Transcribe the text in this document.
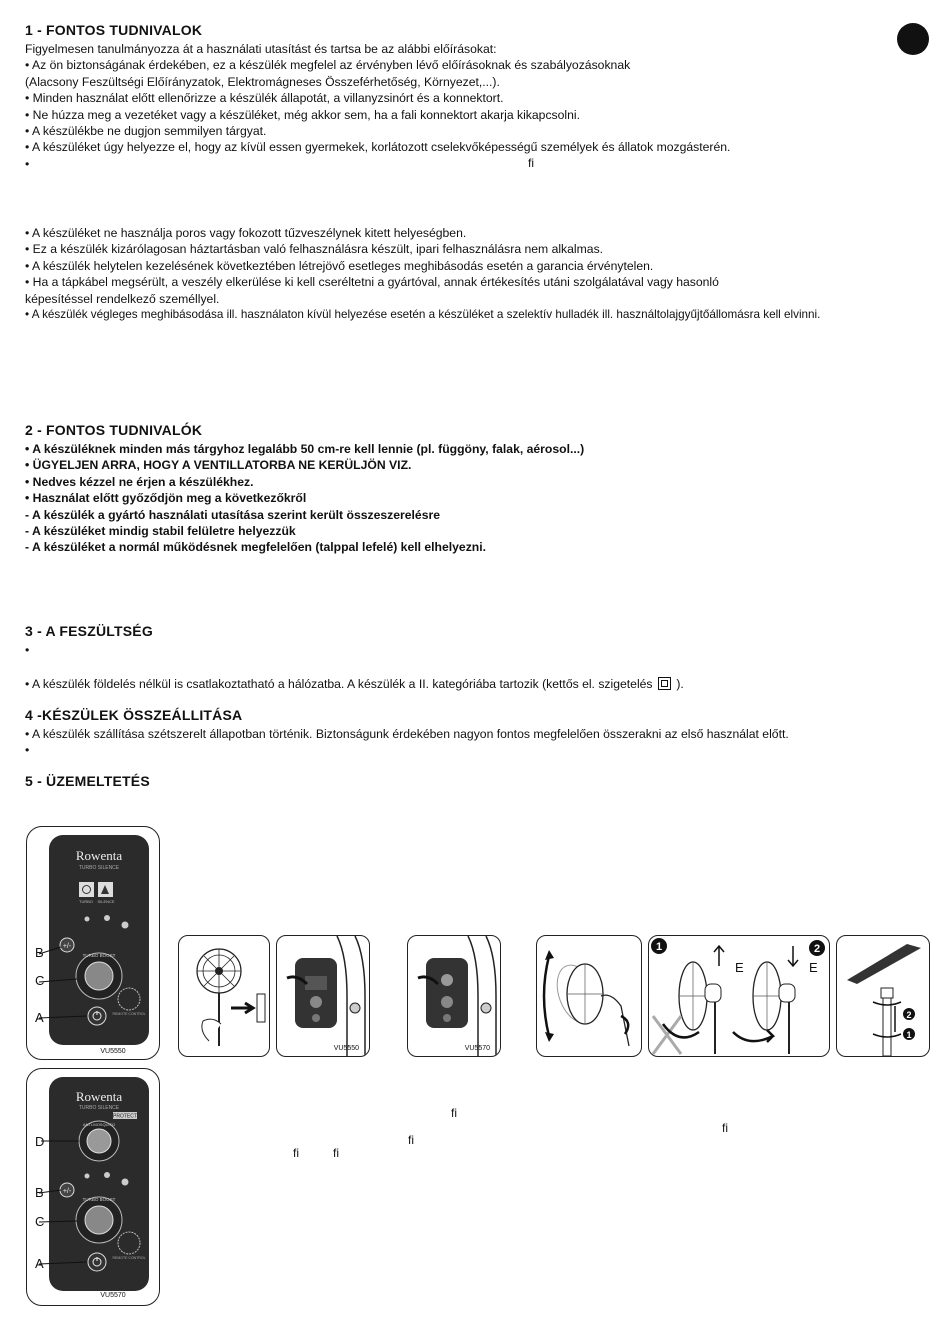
1 - FONTOS TUDNIVALOK
Figyelmesen tanulmányozza át a használati utasítást és tartsa be az alábbi előírásokat:
• Az ön biztonságának érdekében, ez a készülék megfelel az érvényben lévő előírásoknak és szabályozásoknak
(Alacsony Feszültségi Előírányzatok, Elektromágneses Összeférhetőség, Környezet,...).
• Minden használat előtt ellenőrizze a készülék állapotát, a villanyzsinórt és a konnektort.
• Ne húzza meg a vezetéket vagy a készüléket, még akkor sem, ha a fali konnektort akarja kikapcsolni.
• A készülékbe ne dugjon semmilyen tárgyat.
• A készüléket úgy helyezze el, hogy az kívül essen gyermekek, korlátozott cselekvőképességű személyek és állatok mozgásterén.
•	fi
• A készüléket ne használja poros vagy fokozott tűzveszélynek kitett helyeségben.
• Ez a készülék kizárólagosan háztartásban való felhasználásra készült, ipari felhasználásra nem alkalmas.
• A készülék helytelen kezelésének következtében létrejövő esetleges meghibásodás esetén a garancia érvénytelen.
• Ha a tápkábel megsérült, a veszély elkerülése ki kell cseréltetni a gyártóval, annak értékesítés utáni szolgálatával vagy hasonló
képesítéssel rendelkező személlyel.
• A készülék végleges meghibásodása ill. használaton kívül helyezése esetén a készüléket a szelektív hulladék ill. használtolajgyűjtőállomásra kell elvinni.
2 - FONTOS TUDNIVALÓK
• A készüléknek minden más tárgyhoz legalább 50 cm-re kell lennie (pl. függöny, falak, aérosol...)
• ÜGYELJEN ARRA, HOGY A VENTILLATORBA NE KERÜLJÖN VIZ.
• Nedves kézzel ne érjen a készülékhez.
• Használat előtt győződjön meg a következőkről
- A készülék a gyártó használati utasítása szerint került összeszerelésre
- A készüléket mindig stabil felületre helyezzük
- A készüléket a normál működésnek megfelelően (talppal lefelé) kell elhelyezni.
3 - A FESZÜLTSÉG
•
• A készülék földelés nélkül is csatlakoztatható a hálózatba. A készülék a II. kategóriába tartozik (kettős el. szigetelés ).
4 -KÉSZÜLEK ÖSSZEÁLLITÁSA
• A készülék szállítása szétszerelt állapotban történik. Biztonságunk érdekében nagyon fontos megfelelően összerakni az első használat előtt.
•
5 - ÜZEMELTETÉS
fi
fi
fi
fi	fi
Rowenta
TURBO SILENCE
TURBO SILENCE
+/-
TURBO BOOST
REMOTE CONTROL
B
C
A
VU5550
Rowenta
TURBO SILENCE
PROTECT
ANTI-MOSQUITO
+/-
TURBO BOOST
REMOTE CONTROL
D
B
C
A
VU5570
VU5550	VU5570
1
E
2
E
2
1
